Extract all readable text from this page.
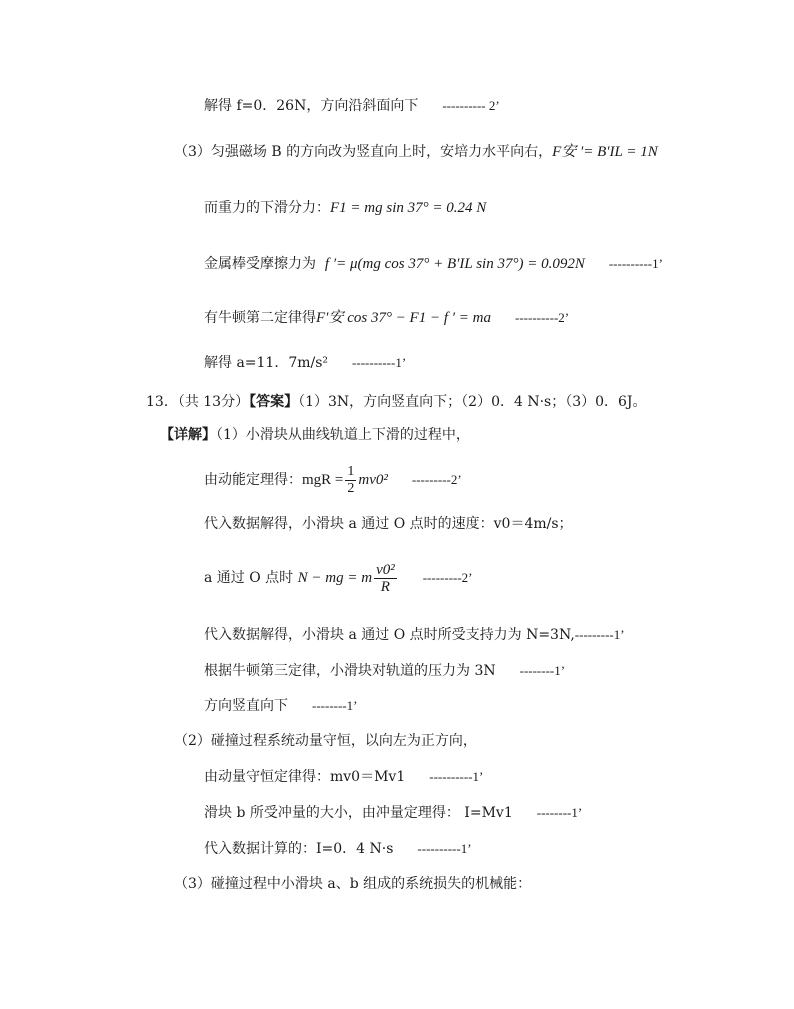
解得 f=0．26N，方向沿斜面向下 ---------- 2’
（3）匀强磁场 B 的方向改为竖直向上时，安培力水平向右，F安 '= B′IL = 1N
而重力的下滑分力：F1 = mg sin 37° = 0.24 N
金属棒受摩擦力为 f ′= μ(mg cos 37° + B′IL sin 37°) = 0.092N ----------1’
有牛顿第二定律得F′安 cos 37° − F1 − f ′ = ma ----------2’
解得 a=11．7m/s² ----------1’
13．（共 13分）【答案】（1）3N，方向竖直向下；（2）0．4 N·s；（3）0．6J。
【详解】（1）小滑块从曲线轨道上下滑的过程中，
由动能定理得：mgR = $\frac{1}{2} mv0^2$ ---------2’
代入数据解得，小滑块 a 通过 O 点时的速度：v0＝4m/s；
a 通过 O 点时 N − mg = m $\frac{\text{v0²}}{R} ---------2$’
代入数据解得，小滑块 a 通过 O 点时所受支持力为 N=3N,---------1’
根据牛顿第三定律，小滑块对轨道的压力为 3N --------1’
方向竖直向下 --------1’
（2）碰撞过程系统动量守恒，以向左为正方向，
由动量守恒定律得：mv0＝Mv1 ----------1’
滑块 b 所受冲量的大小，由冲量定理得： I=Mv1 --------1’
代入数据计算的：I=0．4 N·s ----------1’
（3）碰撞过程中小滑块 a、b 组成的系统损失的机械能：
